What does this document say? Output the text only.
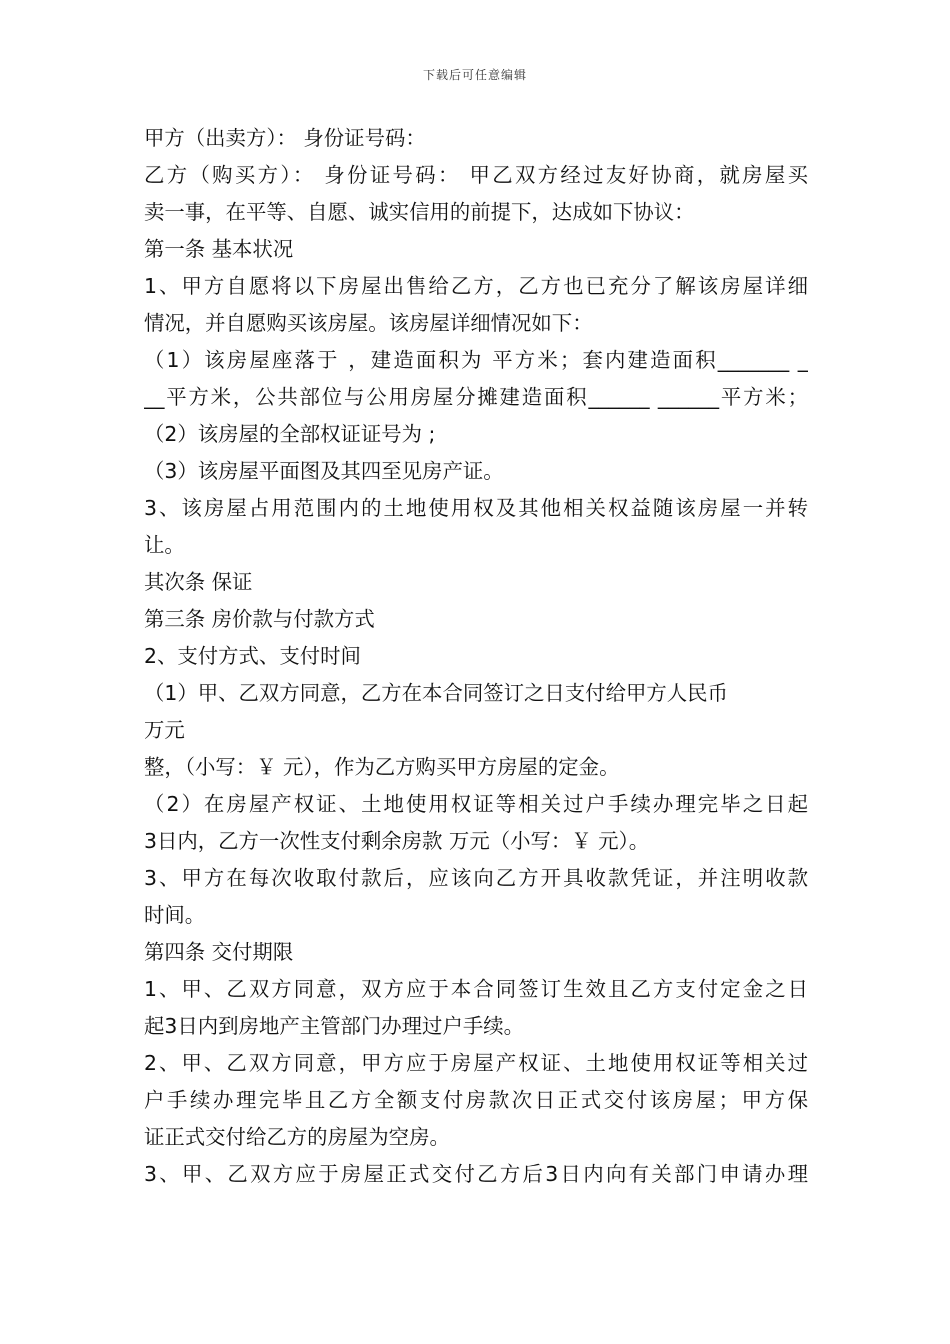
下载后可任意编辑
甲方（出卖方）： 身份证号码：
乙方（购买方）： 身份证号码： 甲乙双方经过友好协商，就房屋买
卖一事，在平等、自愿、诚实信用的前提下，达成如下协议：
第一条 基本状况
1、甲方自愿将以下房屋出售给乙方，乙方也已充分了解该房屋详细
情况，并自愿购买该房屋。该房屋详细情况如下：
（1）该房屋座落于 ，建造面积为 平方米；套内建造面积_______ _
__平方米，公共部位与公用房屋分摊建造面积______ ______平方米；
（2）该房屋的全部权证证号为 ;
（3）该房屋平面图及其四至见房产证。
3、该房屋占用范围内的土地使用权及其他相关权益随该房屋一并转
让。
其次条 保证
第三条 房价款与付款方式
2、支付方式、支付时间
（1）甲、乙双方同意，乙方在本合同签订之日支付给甲方人民币
万元
整，（小写：￥ 元），作为乙方购买甲方房屋的定金。
（2）在房屋产权证、土地使用权证等相关过户手续办理完毕之日起
3日内，乙方一次性支付剩余房款 万元（小写：￥ 元）。
3、甲方在每次收取付款后，应该向乙方开具收款凭证，并注明收款
时间。
第四条 交付期限
1、甲、乙双方同意，双方应于本合同签订生效且乙方支付定金之日
起3日内到房地产主管部门办理过户手续。
2、甲、乙双方同意，甲方应于房屋产权证、土地使用权证等相关过
户手续办理完毕且乙方全额支付房款次日正式交付该房屋；甲方保
证正式交付给乙方的房屋为空房。
3、甲、乙双方应于房屋正式交付乙方后3日内向有关部门申请办理
